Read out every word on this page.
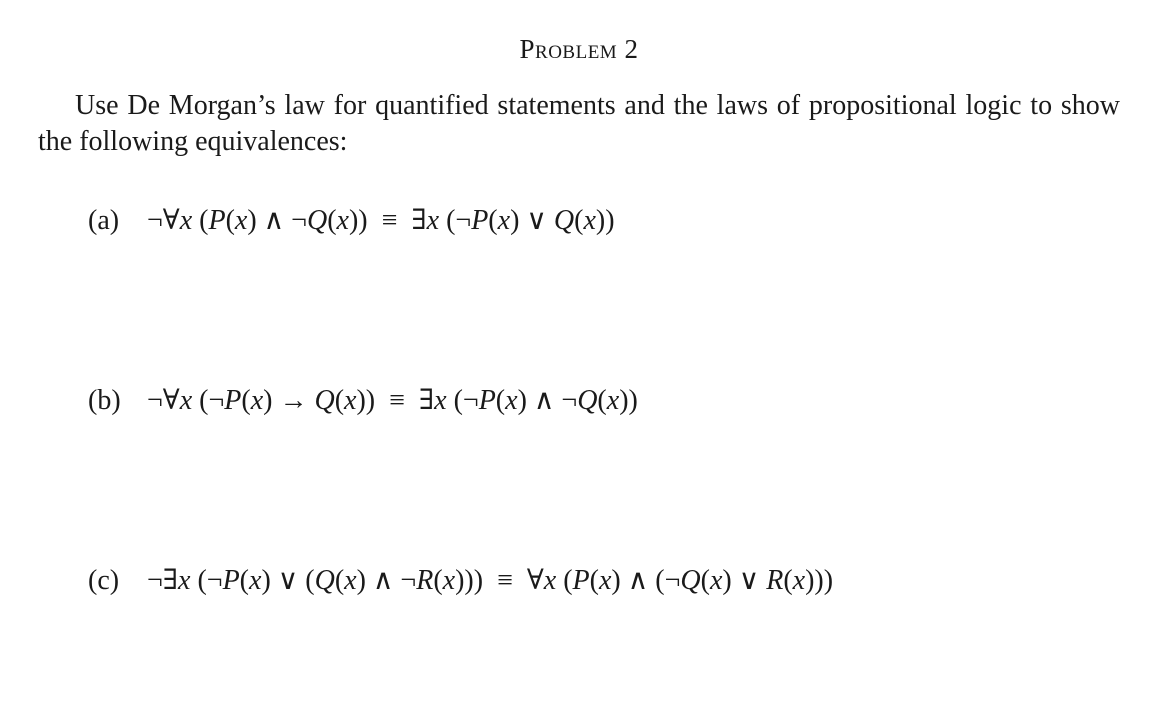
Problem 2
Use De Morgan’s law for quantified statements and the laws of propositional logic to show the following equivalences:
(a) ¬∀x (P(x) ∧ ¬Q(x)) ≡ ∃x (¬P(x) ∨ Q(x))
(b) ¬∀x (¬P(x) → Q(x)) ≡ ∃x (¬P(x) ∧ ¬Q(x))
(c) ¬∃x (¬P(x) ∨ (Q(x) ∧ ¬R(x))) ≡ ∀x (P(x) ∧ (¬Q(x) ∨ R(x)))
